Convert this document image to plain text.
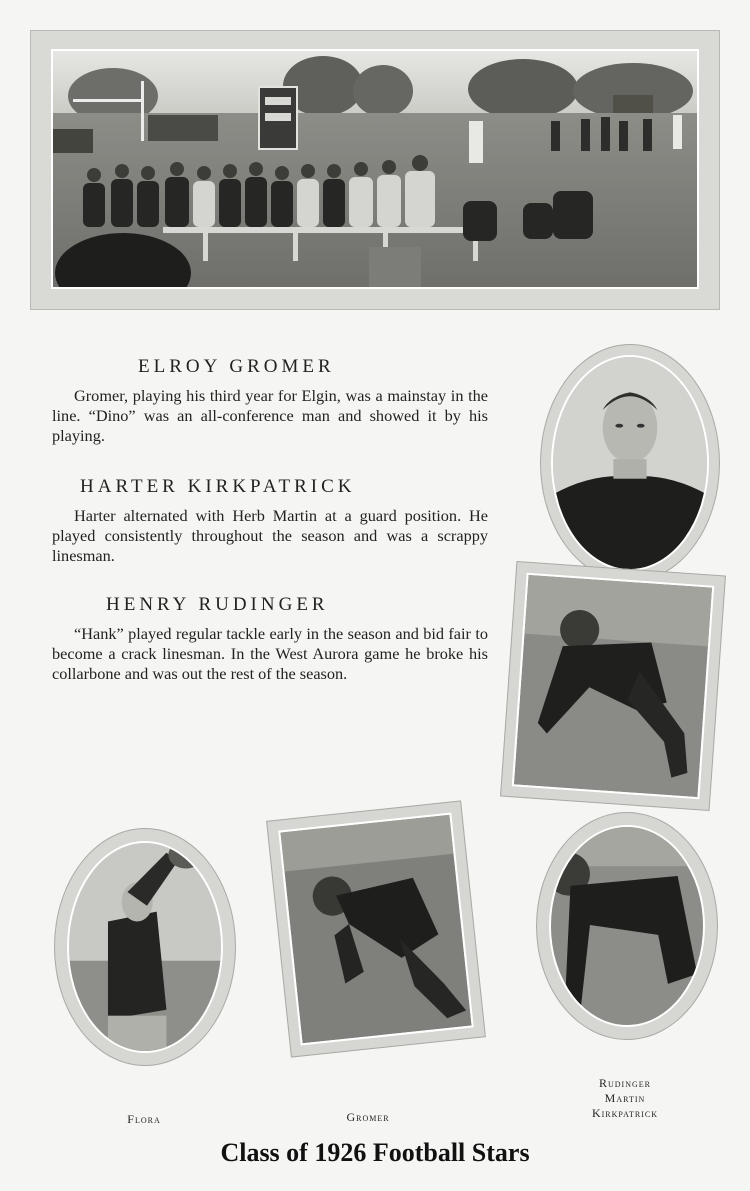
ELROY GROMER
Gromer, playing his third year for Elgin, was a mainstay in the line. “Dino” was an all-conference man and showed it by his playing.
HARTER KIRKPATRICK
Harter alternated with Herb Martin at a guard position. He played consistently throughout the season and was a scrappy linesman.
HENRY RUDINGER
“Hank” played regular tackle early in the season and bid fair to become a crack linesman. In the West Aurora game he broke his collarbone and was out the rest of the season.
Flora	Gromer
Rudinger
Martin
Kirkpatrick
Class of 1926 Football Stars
